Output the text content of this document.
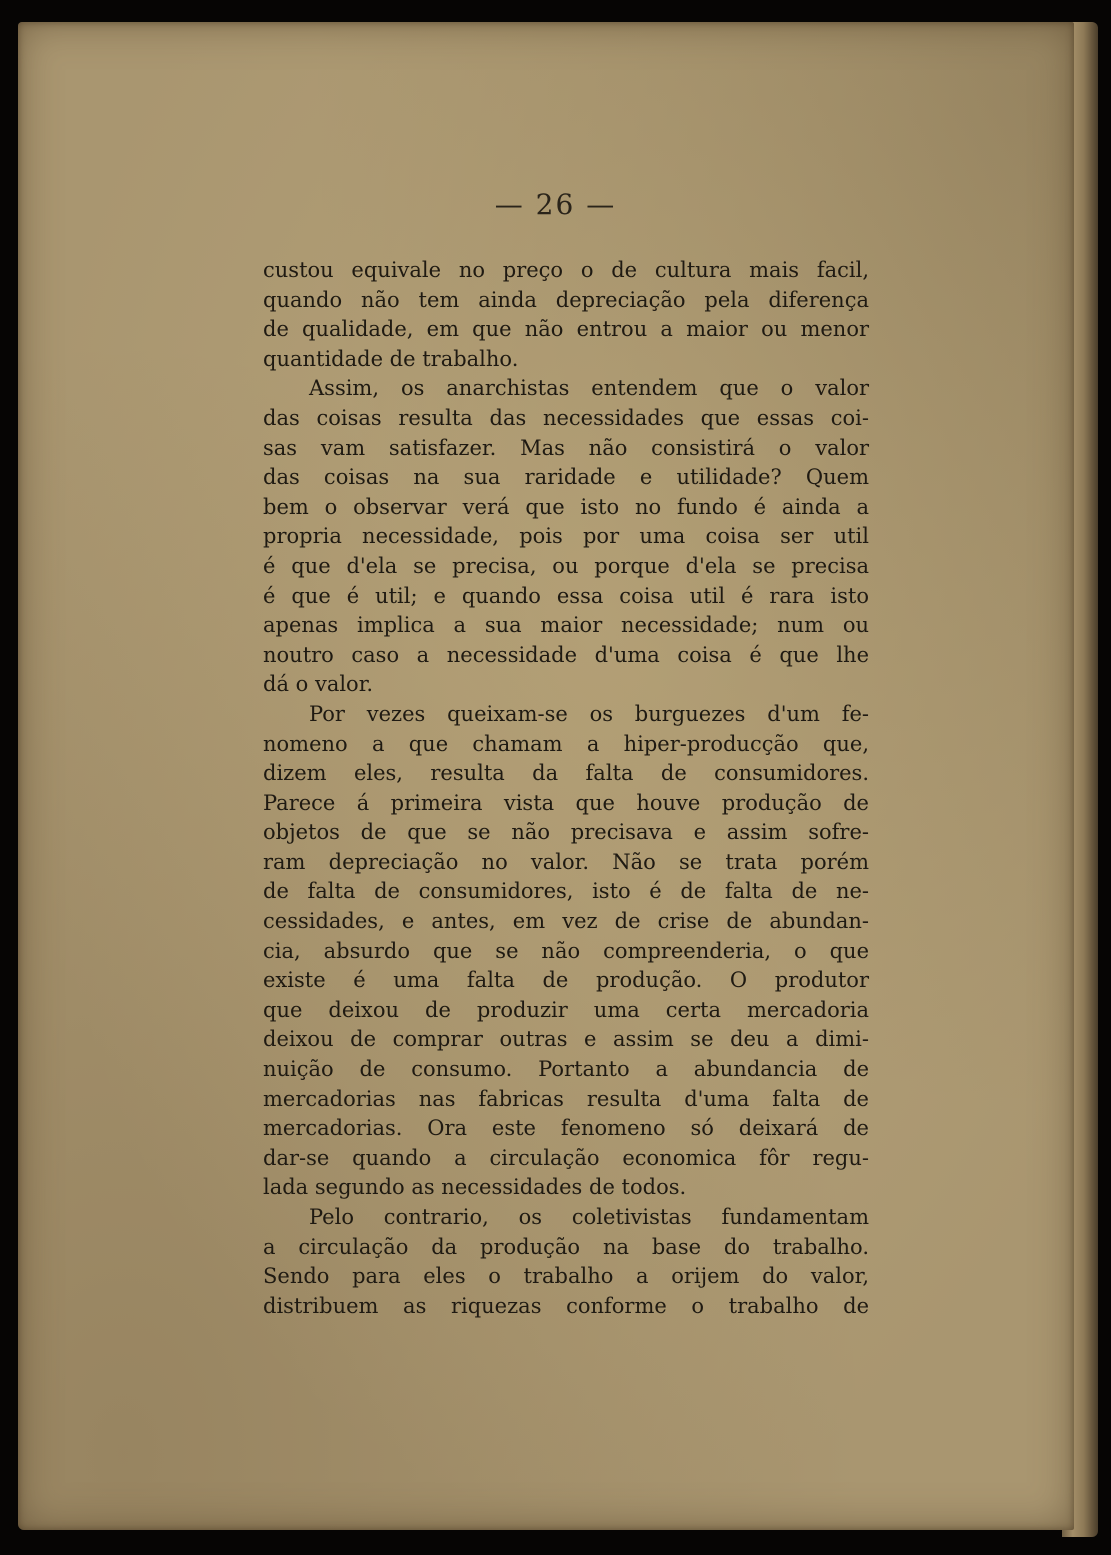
— 26 —
custou equivale no preço o de cultura mais facil,
quando não tem ainda depreciação pela diferença
de qualidade, em que não entrou a maior ou menor
quantidade de trabalho.
Assim, os anarchistas entendem que o valor
das coisas resulta das necessidades que essas coi-
sas vam satisfazer. Mas não consistirá o valor
das coisas na sua raridade e utilidade? Quem
bem o observar verá que isto no fundo é ainda a
propria necessidade, pois por uma coisa ser util
é que d'ela se precisa, ou porque d'ela se precisa
é que é util; e quando essa coisa util é rara isto
apenas implica a sua maior necessidade; num ou
noutro caso a necessidade d'uma coisa é que lhe
dá o valor.
Por vezes queixam-se os burguezes d'um fe-
nomeno a que chamam a hiper-producção que,
dizem eles, resulta da falta de consumidores.
Parece á primeira vista que houve produção de
objetos de que se não precisava e assim sofre-
ram depreciação no valor. Não se trata porém
de falta de consumidores, isto é de falta de ne-
cessidades, e antes, em vez de crise de abundan-
cia, absurdo que se não compreenderia, o que
existe é uma falta de produção. O produtor
que deixou de produzir uma certa mercadoria
deixou de comprar outras e assim se deu a dimi-
nuição de consumo. Portanto a abundancia de
mercadorias nas fabricas resulta d'uma falta de
mercadorias. Ora este fenomeno só deixará de
dar-se quando a circulação economica fôr regu-
lada segundo as necessidades de todos.
Pelo contrario, os coletivistas fundamentam
a circulação da produção na base do trabalho.
Sendo para eles o trabalho a orijem do valor,
distribuem as riquezas conforme o trabalho de
